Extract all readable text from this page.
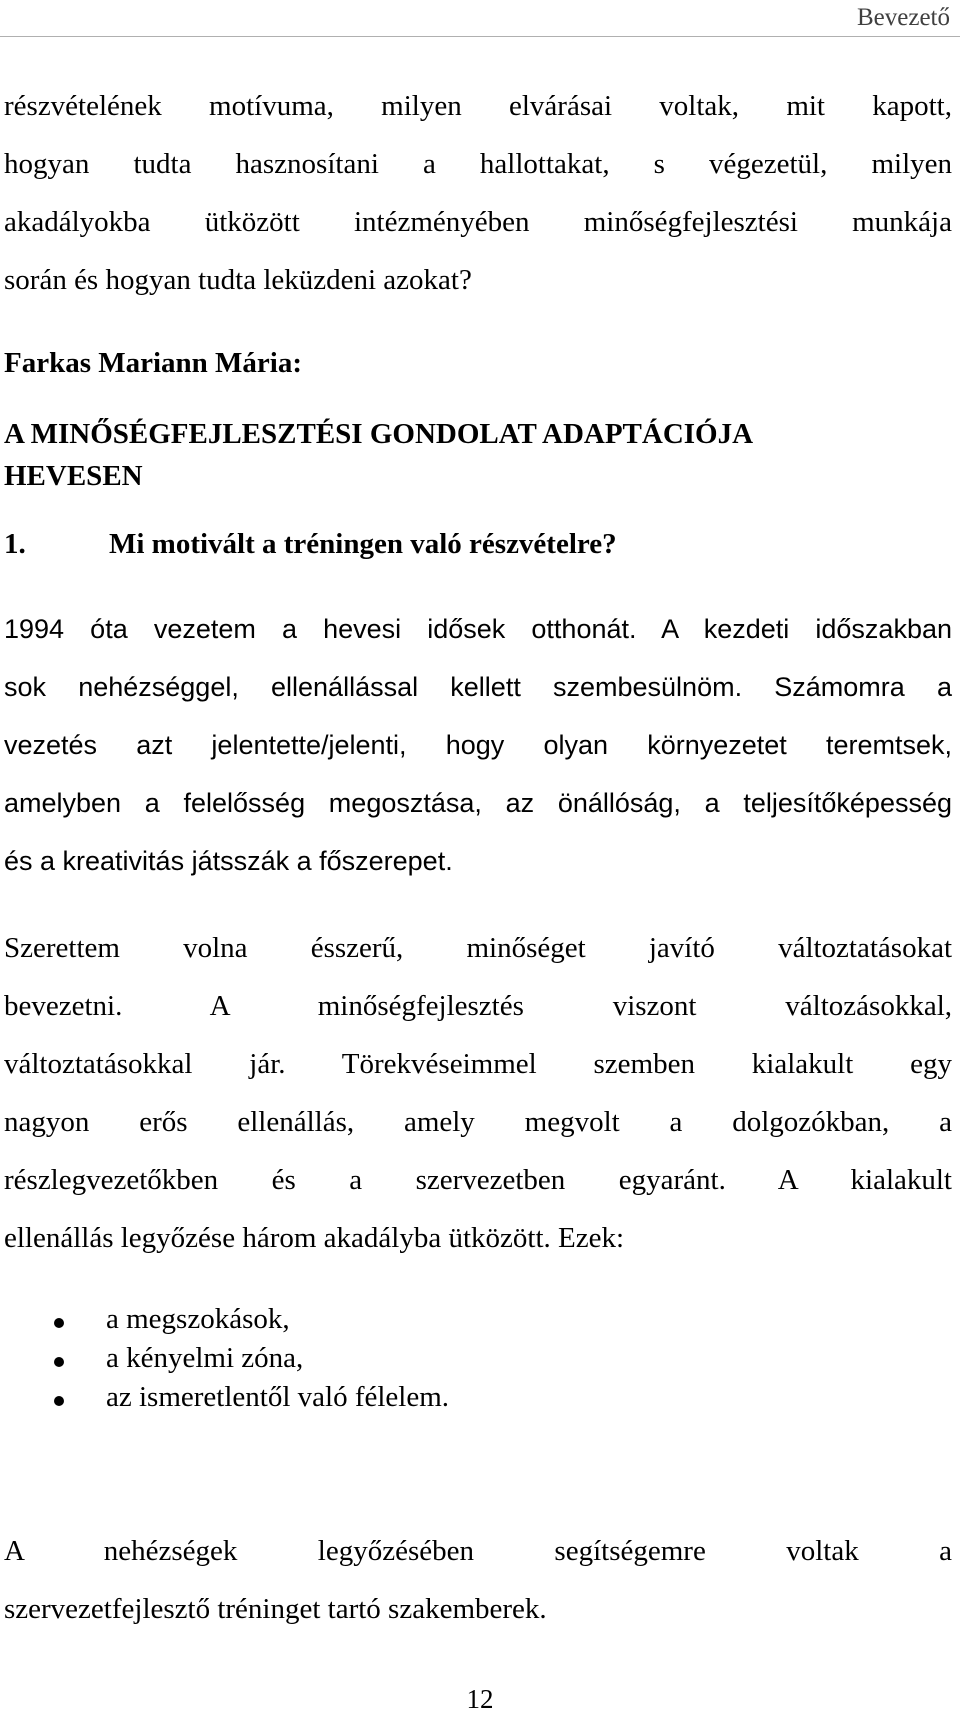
Bevezető
részvételének motívuma, milyen elvárásai voltak, mit kapott,
hogyan tudta hasznosítani a hallottakat, s végezetül, milyen
akadályokba ütközött intézményében minőségfejlesztési munkája
során és hogyan tudta leküzdeni azokat?
Farkas Mariann Mária:
A MINŐSÉGFEJLESZTÉSI GONDOLAT ADAPTÁCIÓJA
HEVESEN
1.	Mi motivált a tréningen való részvételre?
1994 óta vezetem a hevesi idősek otthonát. A kezdeti időszakban
sok nehézséggel, ellenállással kellett szembesülnöm. Számomra a
vezetés azt jelentette/jelenti, hogy olyan környezetet teremtsek,
amelyben a felelősség megosztása, az önállóság, a teljesítőképesség
és a kreativitás játsszák a főszerepet.
Szerettem volna ésszerű, minőséget javító változtatásokat
bevezetni. A minőségfejlesztés viszont változásokkal,
változtatásokkal jár. Törekvéseimmel szemben kialakult egy
nagyon erős ellenállás, amely megvolt a dolgozókban, a
részlegvezetőkben és a szervezetben egyaránt. A kialakult
ellenállás legyőzése három akadályba ütközött. Ezek:
a megszokások,
a kényelmi zóna,
az ismeretlentől való félelem.
A nehézségek legyőzésében segítségemre voltak a
szervezetfejlesztő tréninget tartó szakemberek.
12
